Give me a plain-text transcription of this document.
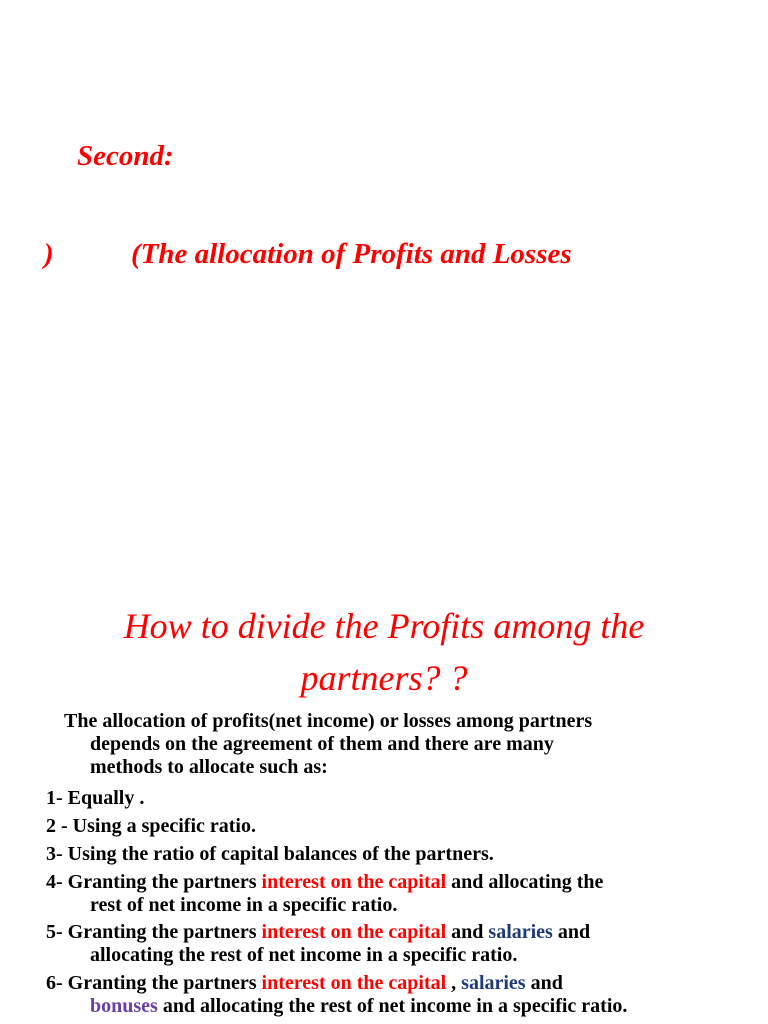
Second:
)	(The allocation of Profits and Losses
How to divide the Profits among the
partners? ?
The allocation of profits(net income) or losses among partners
depends on the agreement of them and there are many
methods to allocate such as:
1- Equally .
2 - Using a specific ratio.
3- Using the ratio of capital balances of the partners.
4- Granting the partners interest on the capital and allocating the
rest of net income in a specific ratio.
5- Granting the partners interest on the capital and salaries and
allocating the rest of net income in a specific ratio.
6- Granting the partners interest on the capital , salaries and
bonuses and allocating the rest of net income in a specific ratio.
